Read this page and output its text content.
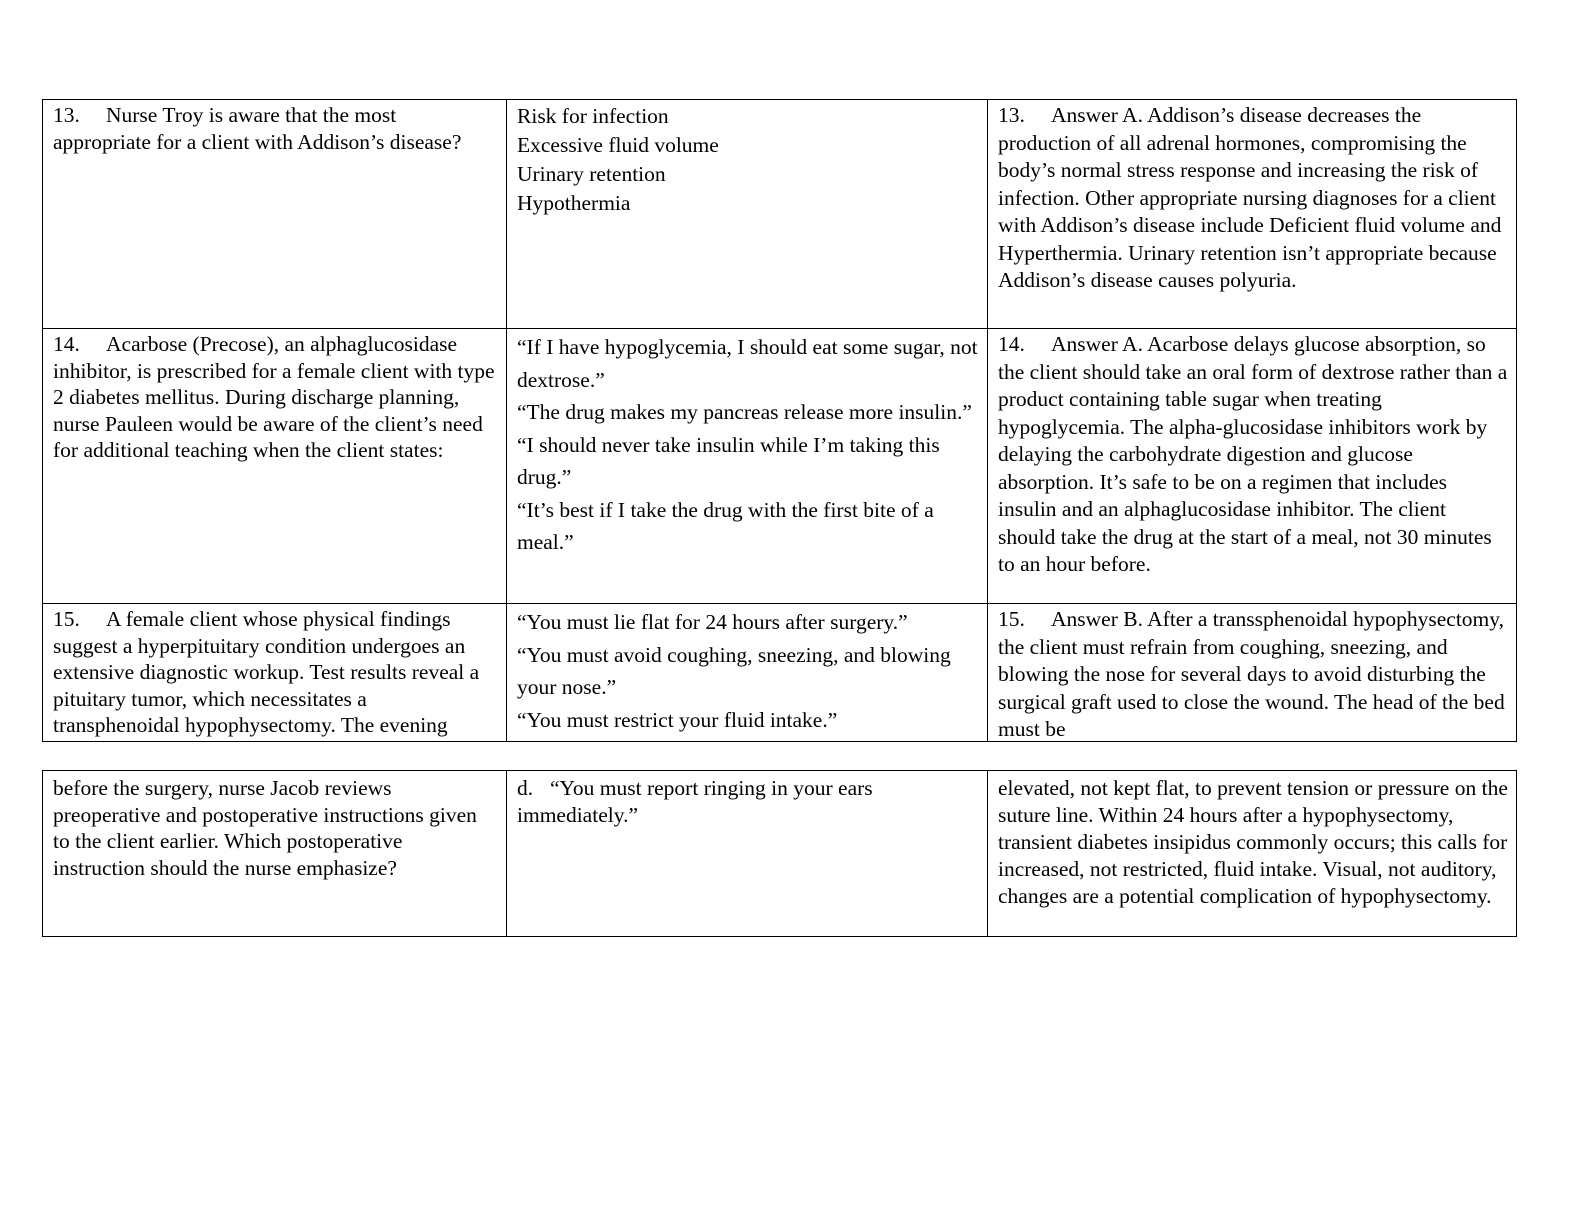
13. Nurse Troy is aware that the most appropriate for a client with Addison’s disease?
Risk for infection
Excessive fluid volume
Urinary retention
Hypothermia
13. Answer A. Addison’s disease decreases the production of all adrenal hormones, compromising the body’s normal stress response and increasing the risk of infection. Other appropriate nursing diagnoses for a client with Addison’s disease include Deficient fluid volume and Hyperthermia. Urinary retention isn’t appropriate because Addison’s disease causes polyuria.
14. Acarbose (Precose), an alphaglucosidase inhibitor, is prescribed for a female client with type 2 diabetes mellitus. During discharge planning, nurse Pauleen would be aware of the client’s need for additional teaching when the client states:
“If I have hypoglycemia, I should eat some sugar, not dextrose.”
“The drug makes my pancreas release more insulin.”
“I should never take insulin while I’m taking this drug.”
“It’s best if I take the drug with the first bite of a meal.”
14. Answer A. Acarbose delays glucose absorption, so the client should take an oral form of dextrose rather than a product containing table sugar when treating hypoglycemia. The alpha-glucosidase inhibitors work by delaying the carbohydrate digestion and glucose absorption. It’s safe to be on a regimen that includes insulin and an alphaglucosidase inhibitor. The client should take the drug at the start of a meal, not 30 minutes to an hour before.
15. A female client whose physical findings suggest a hyperpituitary condition undergoes an extensive diagnostic workup. Test results reveal a pituitary tumor, which necessitates a transphenoidal hypophysectomy. The evening
“You must lie flat for 24 hours after surgery.”
“You must avoid coughing, sneezing, and blowing your nose.”
“You must restrict your fluid intake.”
15. Answer B. After a transsphenoidal hypophysectomy, the client must refrain from coughing, sneezing, and blowing the nose for several days to avoid disturbing the surgical graft used to close the wound. The head of the bed must be
before the surgery, nurse Jacob reviews preoperative and postoperative instructions given to the client earlier. Which postoperative instruction should the nurse emphasize?
d. “You must report ringing in your ears immediately.”
elevated, not kept flat, to prevent tension or pressure on the suture line. Within 24 hours after a hypophysectomy, transient diabetes insipidus commonly occurs; this calls for increased, not restricted, fluid intake. Visual, not auditory, changes are a potential complication of hypophysectomy.
